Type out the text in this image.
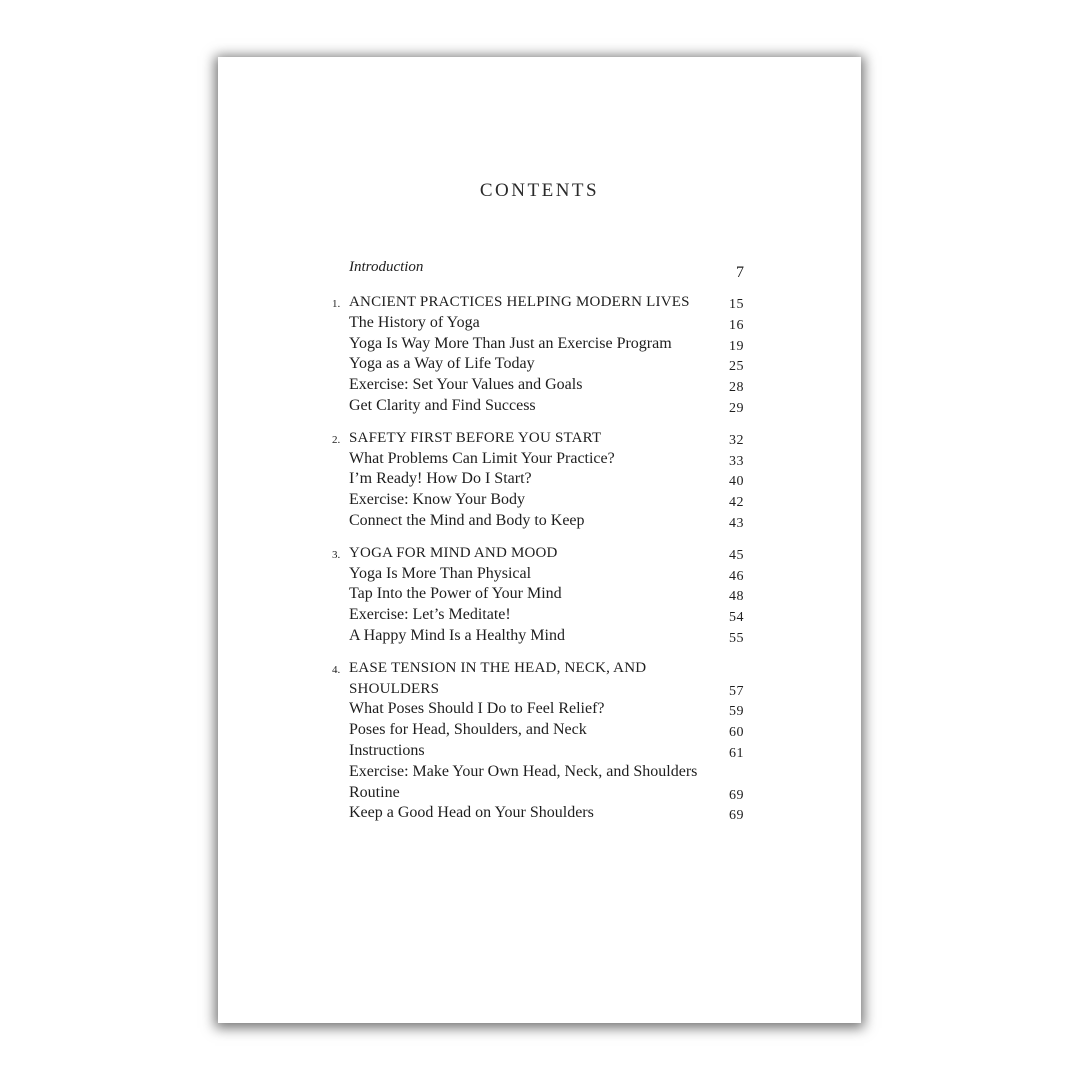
CONTENTS
Introduction	7
1. ANCIENT PRACTICES HELPING MODERN LIVES	15
The History of Yoga	16
Yoga Is Way More Than Just an Exercise Program	19
Yoga as a Way of Life Today	25
Exercise: Set Your Values and Goals	28
Get Clarity and Find Success	29
2. SAFETY FIRST BEFORE YOU START	32
What Problems Can Limit Your Practice?	33
I’m Ready! How Do I Start?	40
Exercise: Know Your Body	42
Connect the Mind and Body to Keep	43
3. YOGA FOR MIND AND MOOD	45
Yoga Is More Than Physical	46
Tap Into the Power of Your Mind	48
Exercise: Let’s Meditate!	54
A Happy Mind Is a Healthy Mind	55
4. EASE TENSION IN THE HEAD, NECK, AND SHOULDERS	57
What Poses Should I Do to Feel Relief?	59
Poses for Head, Shoulders, and Neck	60
Instructions	61
Exercise: Make Your Own Head, Neck, and Shoulders Routine	69
Keep a Good Head on Your Shoulders	69
